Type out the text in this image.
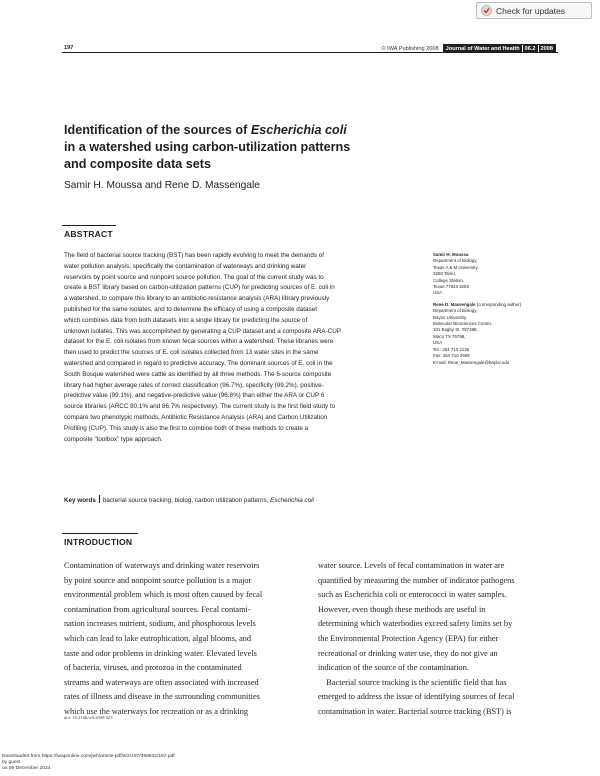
Check for updates
197	© IWA Publishing 2008	Journal of Water and Health 06.2 2008
Identification of the sources of Escherichia coli
in a watershed using carbon-utilization patterns
and composite data sets
Samir H. Moussa and Rene D. Massengale
ABSTRACT
The field of bacterial source tracking (BST) has been rapidly evolving to meet the demands of
water pollution analysis, specifically the contamination of waterways and drinking water
reservoirs by point source and nonpoint source pollution. The goal of the current study was to
create a BST library based on carbon-utilization patterns (CUP) for predicting sources of E. coli in
a watershed, to compare this library to an antibiotic-resistance analysis (ARA) library previously
published for the same isolates, and to determine the efficacy of using a composite dataset
which combines data from both datasets into a single library for predicting the source of
unknown isolates. This was accomplished by generating a CUP dataset and a composite ARA-CUP
dataset for the E. coli isolates from known fecal sources within a watershed. These libraries were
then used to predict the sources of E. coli isolates collected from 13 water sites in the same
watershed and compared in regard to predictive accuracy. The dominant sources of E. coli in the
South Bosque watershed were cattle as identified by all three methods. The 6-source composite
library had higher average rates of correct classification (96.7%), specificity (99.2%), positive-
predictive value (99.1%), and negative-predictive value (96.8%) than either the ARA or CUP 6
source libraries (ARCC 80.1% and 86.7% respectively). The current study is the first field study to
compare two phenotypic methods, Antibiotic Resistance Analysis (ARA) and Carbon Utilization
Profiling (CUP). This study is also the first to combine both of these methods to create a
composite "toolbox" type approach.
Key words bacterial source tracking, biolog, carbon utilization patterns, Escherichia coli
Samir H. Moussa
Department of Biology,
Texas A & M University,
3258 Tamu,
College Station,
Texas 77843 3258,
USA
Rene D. Massengale (corresponding author)
Department of Biology,
Baylor University,
Molecular Biosciences Center,
101 Bagby St. #97388,
Waco TX 76798,
USA
Tel.: 254 710 2136
Fax: 254 710 2969
E-mail: Rene_Massengale@baylor.edu
INTRODUCTION
Contamination of waterways and drinking water reservoirs
by point source and nonpoint source pollution is a major
environmental problem which is most often caused by fecal
contamination from agricultural sources. Fecal contami-
nation increases nutrient, sodium, and phosphorous levels
which can lead to lake eutrophication, algal blooms, and
taste and odor problems in drinking water. Elevated levels
of bacteria, viruses, and protozoa in the contaminated
streams and waterways are often associated with increased
rates of illness and disease in the surrounding communities
which use the waterways for recreation or as a drinking
water source. Levels of fecal contamination in water are
quantified by measuring the number of indicator pathogens
such as Escherichia coli or enterococci in water samples.
However, even though these methods are useful in
determining which waterbodies exceed safety limits set by
the Environmental Protection Agency (EPA) for either
recreational or drinking water use, they do not give an
indication of the source of the contamination.
Bacterial source tracking is the scientific field that has
emerged to address the issue of identifying sources of fecal
contamination in water. Bacterial source tracking (BST) is
doi: 10.2166/wh.2008.023
Downloaded from https://iwaponline.com/jwh/article-pdf/6/2/197/398832/197.pdf
by guest
on 09 December 2024
